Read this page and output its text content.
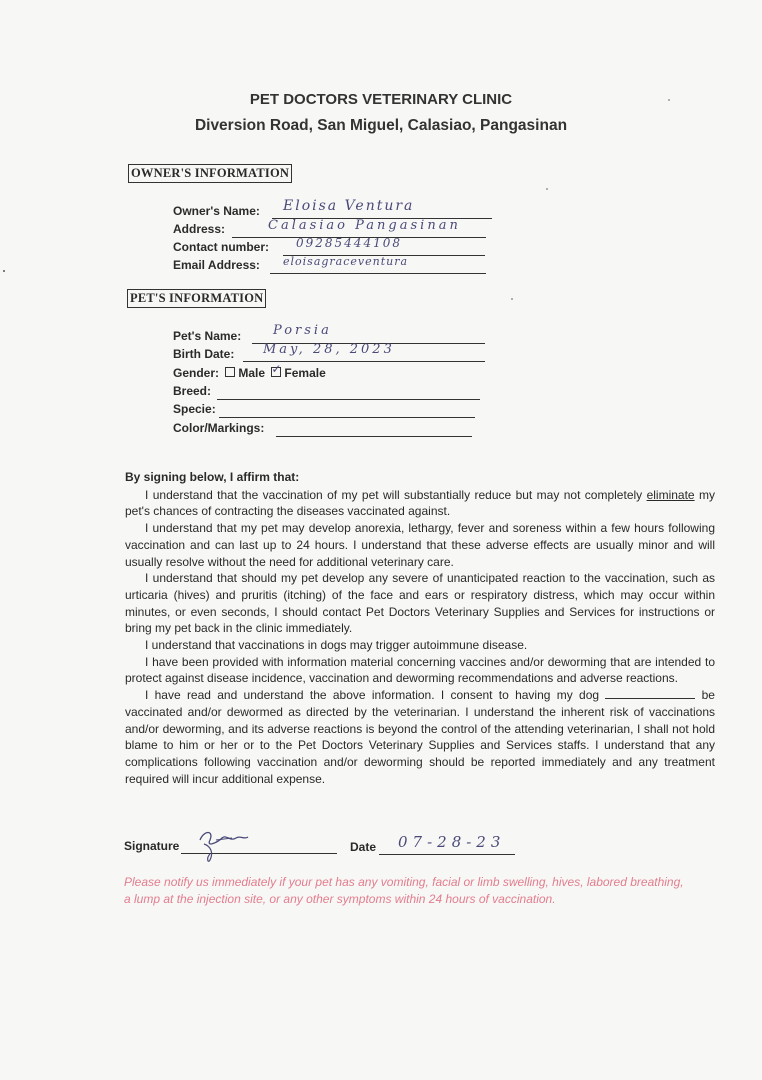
PET DOCTORS VETERINARY CLINIC
Diversion Road, San Miguel, Calasiao, Pangasinan
OWNER'S INFORMATION
Owner's Name: Eloisa Ventura
Address:	Calasiao Pangasinan
Contact number: 09285444108
Email Address: eloisagraceventura
PET'S INFORMATION
Pet's Name: Porsia
Birth Date: May, 28, 2023
Gender: Male ✓ Female
Breed:
Specie:
Color/Markings:

By signing below, I affirm that:

I understand that the vaccination of my pet will substantially reduce but may not completely eliminate my pet's chances of contracting the diseases vaccinated against.

I understand that my pet may develop anorexia, lethargy, fever and soreness within a few hours following vaccination and can last up to 24 hours. I understand that these adverse effects are usually minor and will usually resolve without the need for additional veterinary care.

I understand that should my pet develop any severe of unanticipated reaction to the vaccination, such as urticaria (hives) and pruritis (itching) of the face and ears or respiratory distress, which may occur within minutes, or even seconds, I should contact Pet Doctors Veterinary Supplies and Services for instructions or bring my pet back in the clinic immediately.

I understand that vaccinations in dogs may trigger autoimmune disease.

I have been provided with information material concerning vaccines and/or deworming that are intended to protect against disease incidence, vaccination and deworming recommendations and adverse reactions.

I have read and understand the above information. I consent to having my dog	be vaccinated and/or dewormed as directed by the veterinarian. I understand the inherent risk of vaccinations and/or deworming, and its adverse reactions is beyond the control of the attending veterinarian, I shall not hold blame to him or her or to the Pet Doctors Veterinary Supplies and Services staffs. I understand that any complications following vaccination and/or deworming should be reported immediately and any treatment required will incur additional expense.

Signature	Date 07-28-23
Please notify us immediately if your pet has any vomiting, facial or limb swelling, hives, labored breathing, a lump at the injection site, or any other symptoms within 24 hours of vaccination.
